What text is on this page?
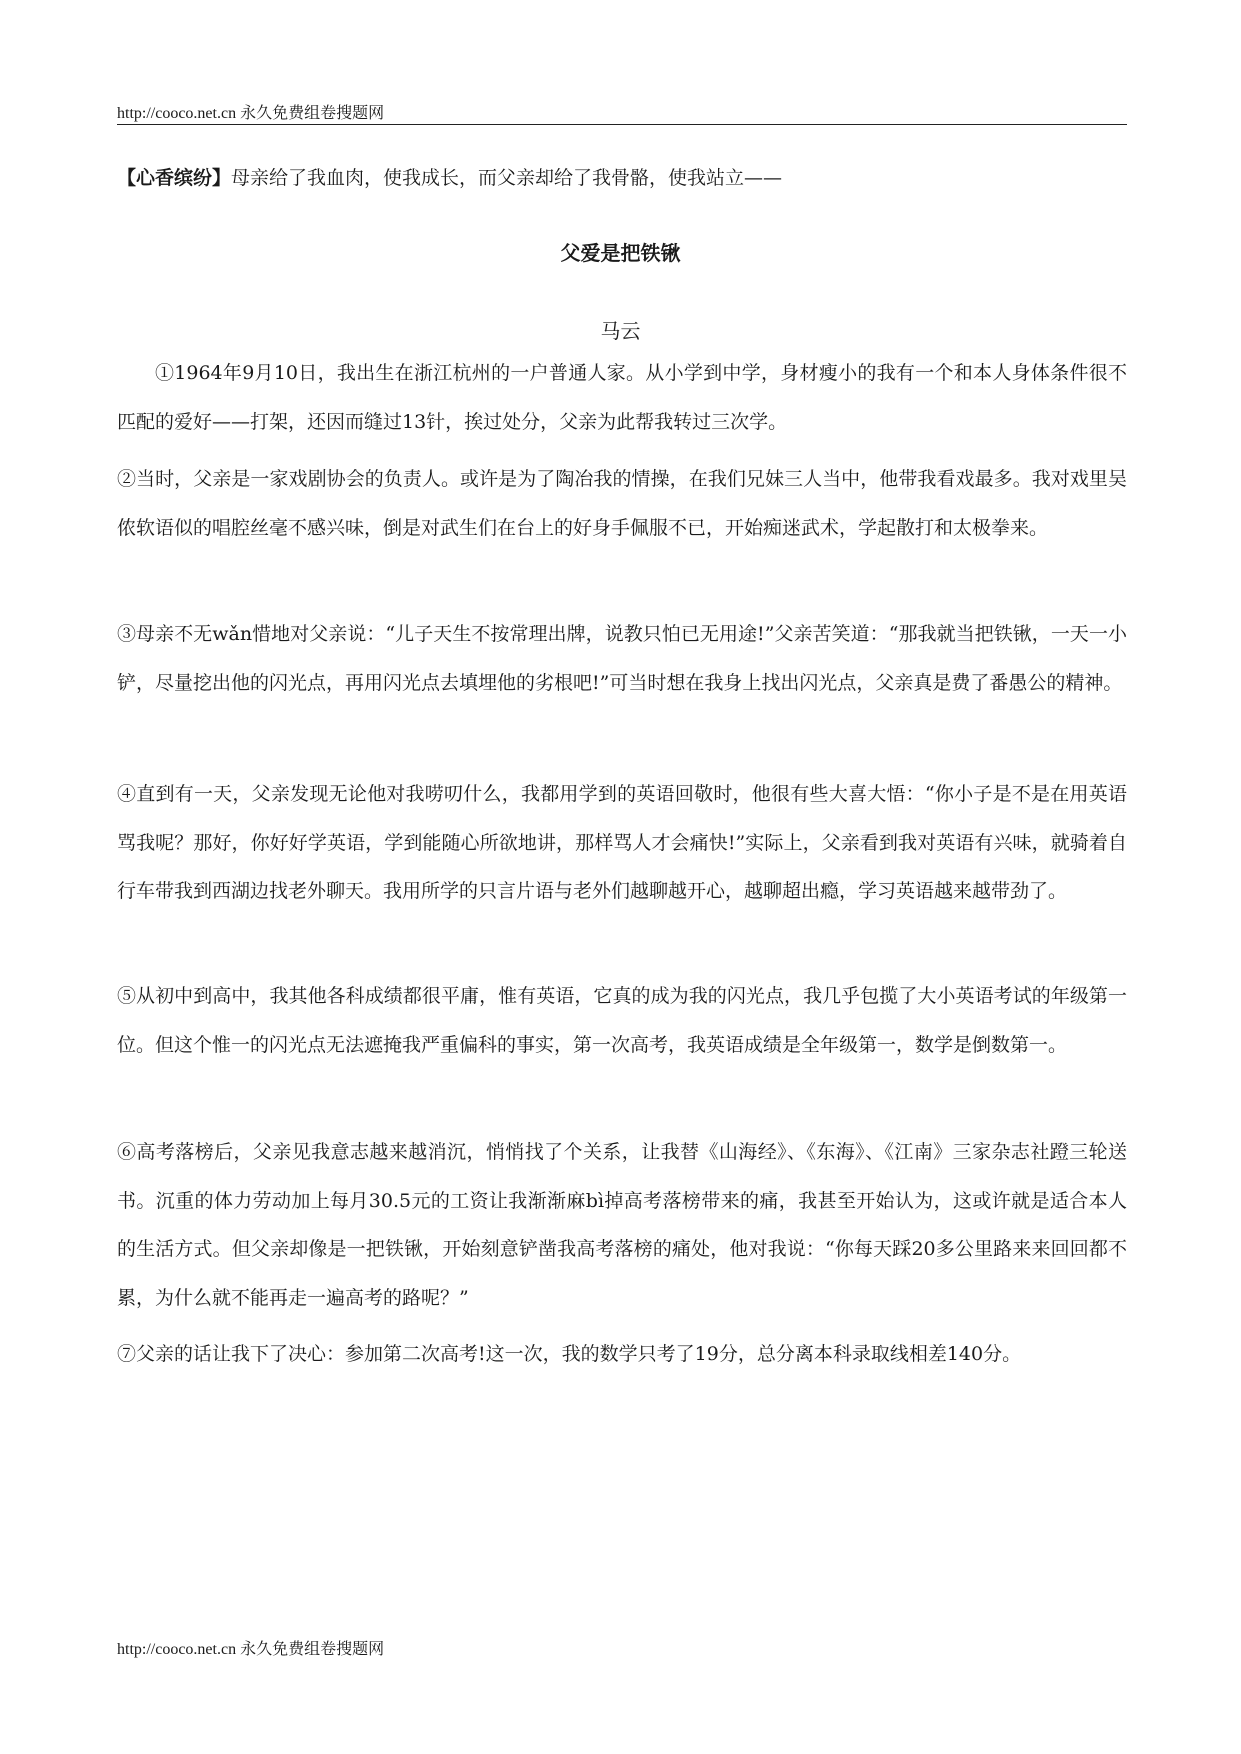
http://cooco.net.cn 永久免费组卷搜题网
【心香缤纷】母亲给了我血肉，使我成长，而父亲却给了我骨骼，使我站立——
父爱是把铁锹
马云
①1964年9月10日，我出生在浙江杭州的一户普通人家。从小学到中学，身材瘦小的我有一个和本人身体条件很不匹配的爱好——打架，还因而缝过13针，挨过处分，父亲为此帮我转过三次学。
②当时，父亲是一家戏剧协会的负责人。或许是为了陶冶我的情操，在我们兄妹三人当中，他带我看戏最多。我对戏里吴侬软语似的唱腔丝毫不感兴味，倒是对武生们在台上的好身手佩服不已，开始痴迷武术，学起散打和太极拳来。
③母亲不无wǎn惜地对父亲说：“儿子天生不按常理出牌，说教只怕已无用途!”父亲苦笑道：“那我就当把铁锹，一天一小铲，尽量挖出他的闪光点，再用闪光点去填埋他的劣根吧!”可当时想在我身上找出闪光点，父亲真是费了番愚公的精神。
④直到有一天，父亲发现无论他对我唠叨什么，我都用学到的英语回敬时，他很有些大喜大悟：“你小子是不是在用英语骂我呢？那好，你好好学英语，学到能随心所欲地讲，那样骂人才会痛快!”实际上，父亲看到我对英语有兴味，就骑着自行车带我到西湖边找老外聊天。我用所学的只言片语与老外们越聊越开心，越聊超出瘾，学习英语越来越带劲了。
⑤从初中到高中，我其他各科成绩都很平庸，惟有英语，它真的成为我的闪光点，我几乎包揽了大小英语考试的年级第一位。但这个惟一的闪光点无法遮掩我严重偏科的事实，第一次高考，我英语成绩是全年级第一，数学是倒数第一。
⑥高考落榜后，父亲见我意志越来越消沉，悄悄找了个关系，让我替《山海经》、《东海》、《江南》三家杂志社蹬三轮送书。沉重的体力劳动加上每月30.5元的工资让我渐渐麻bì掉高考落榜带来的痛，我甚至开始认为，这或许就是适合本人的生活方式。但父亲却像是一把铁锹，开始刻意铲凿我高考落榜的痛处，他对我说：“你每天踩20多公里路来来回回都不累，为什么就不能再走一遍高考的路呢？”
⑦父亲的话让我下了决心：参加第二次高考!这一次，我的数学只考了19分，总分离本科录取线相差140分。
http://cooco.net.cn 永久免费组卷搜题网
